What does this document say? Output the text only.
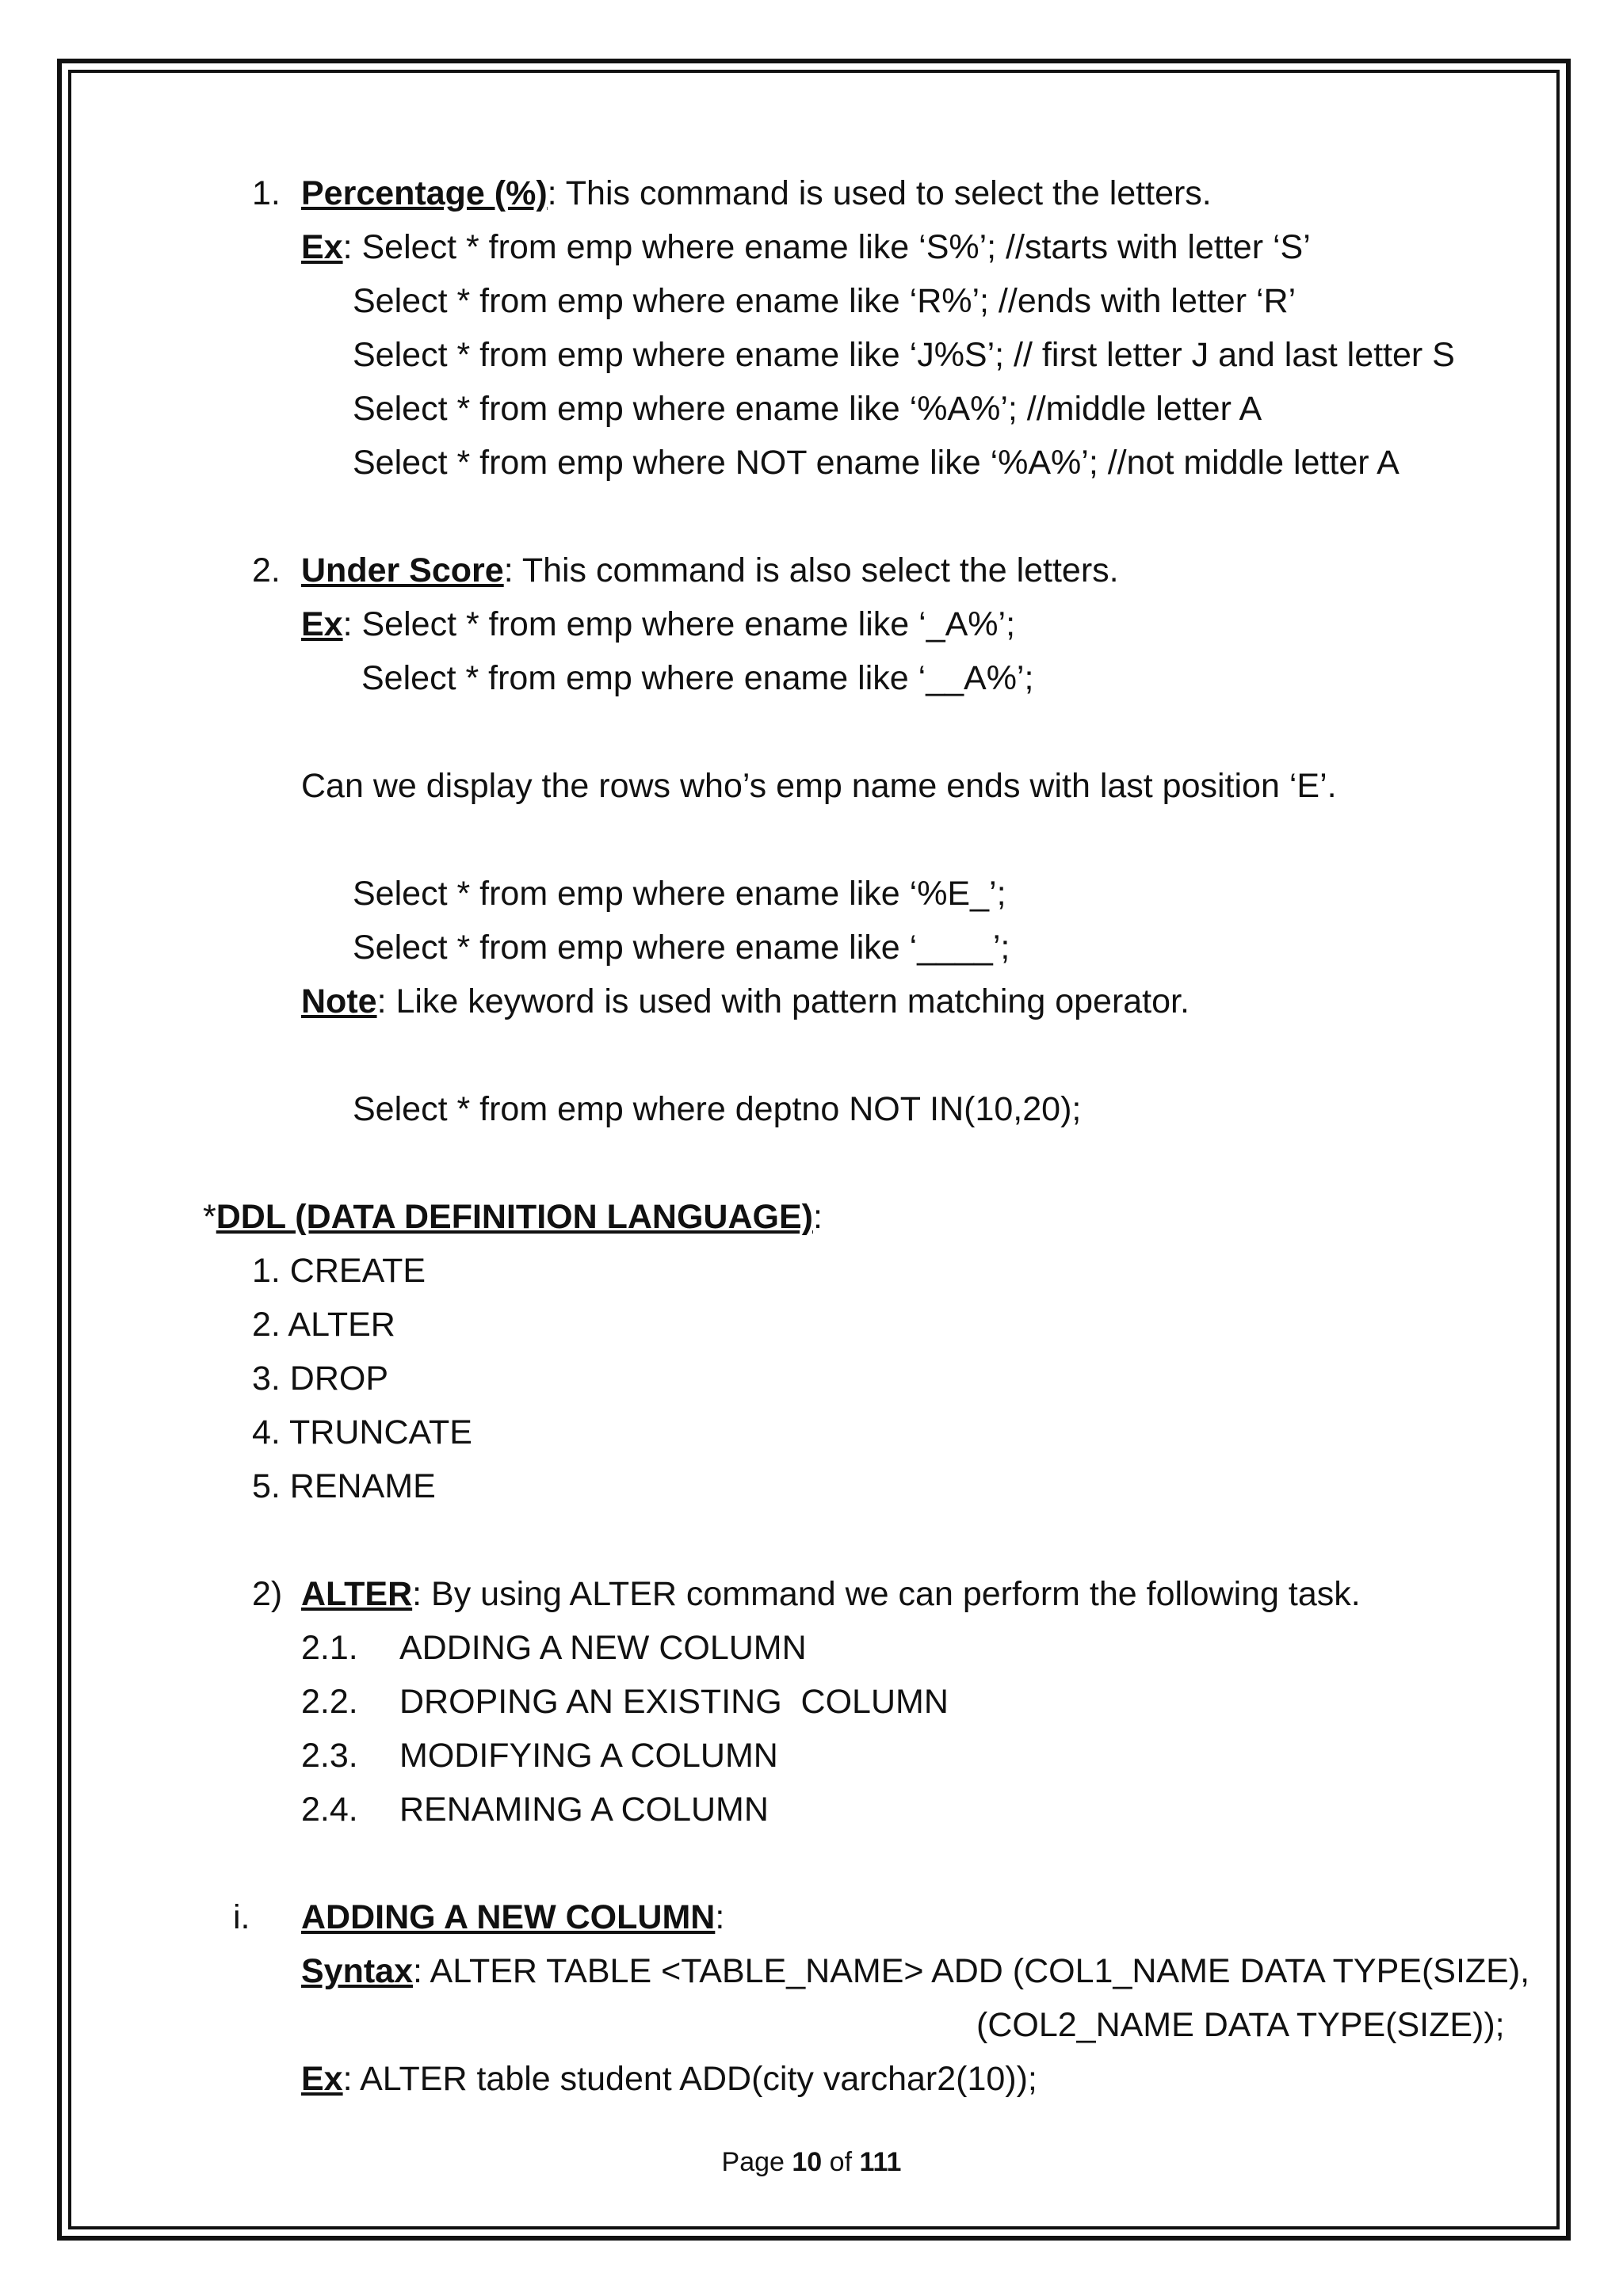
1. Percentage (%): This command is used to select the letters.
Ex: Select * from emp where ename like ‘S%’; //starts with letter ‘S’
Select * from emp where ename like ‘R%’; //ends with letter ‘R’
Select * from emp where ename like ‘J%S’; // first letter J and last letter S
Select * from emp where ename like ‘%A%’; //middle letter A
Select * from emp where NOT ename like ‘%A%’; //not middle letter A
2. Under Score: This command is also select the letters.
Ex: Select * from emp where ename like ‘_A%’;
Select * from emp where ename like ‘__A%’;
Can we display the rows who’s emp name ends with last position ‘E’.
Select * from emp where ename like ‘%E_’;
Select * from emp where ename like ‘____’;
Note: Like keyword is used with pattern matching operator.
Select * from emp where deptno NOT IN(10,20);
*DDL (DATA DEFINITION LANGUAGE):
1. CREATE
2. ALTER
3. DROP
4. TRUNCATE
5. RENAME
2) ALTER: By using ALTER command we can perform the following task.
2.1. ADDING A NEW COLUMN
2.2. DROPING AN EXISTING  COLUMN
2.3. MODIFYING A COLUMN
2.4. RENAMING A COLUMN
i. ADDING A NEW COLUMN:
Syntax: ALTER TABLE <TABLE_NAME> ADD (COL1_NAME DATA TYPE(SIZE),
(COL2_NAME DATA TYPE(SIZE));
Ex: ALTER table student ADD(city varchar2(10));
Page 10 of 111
